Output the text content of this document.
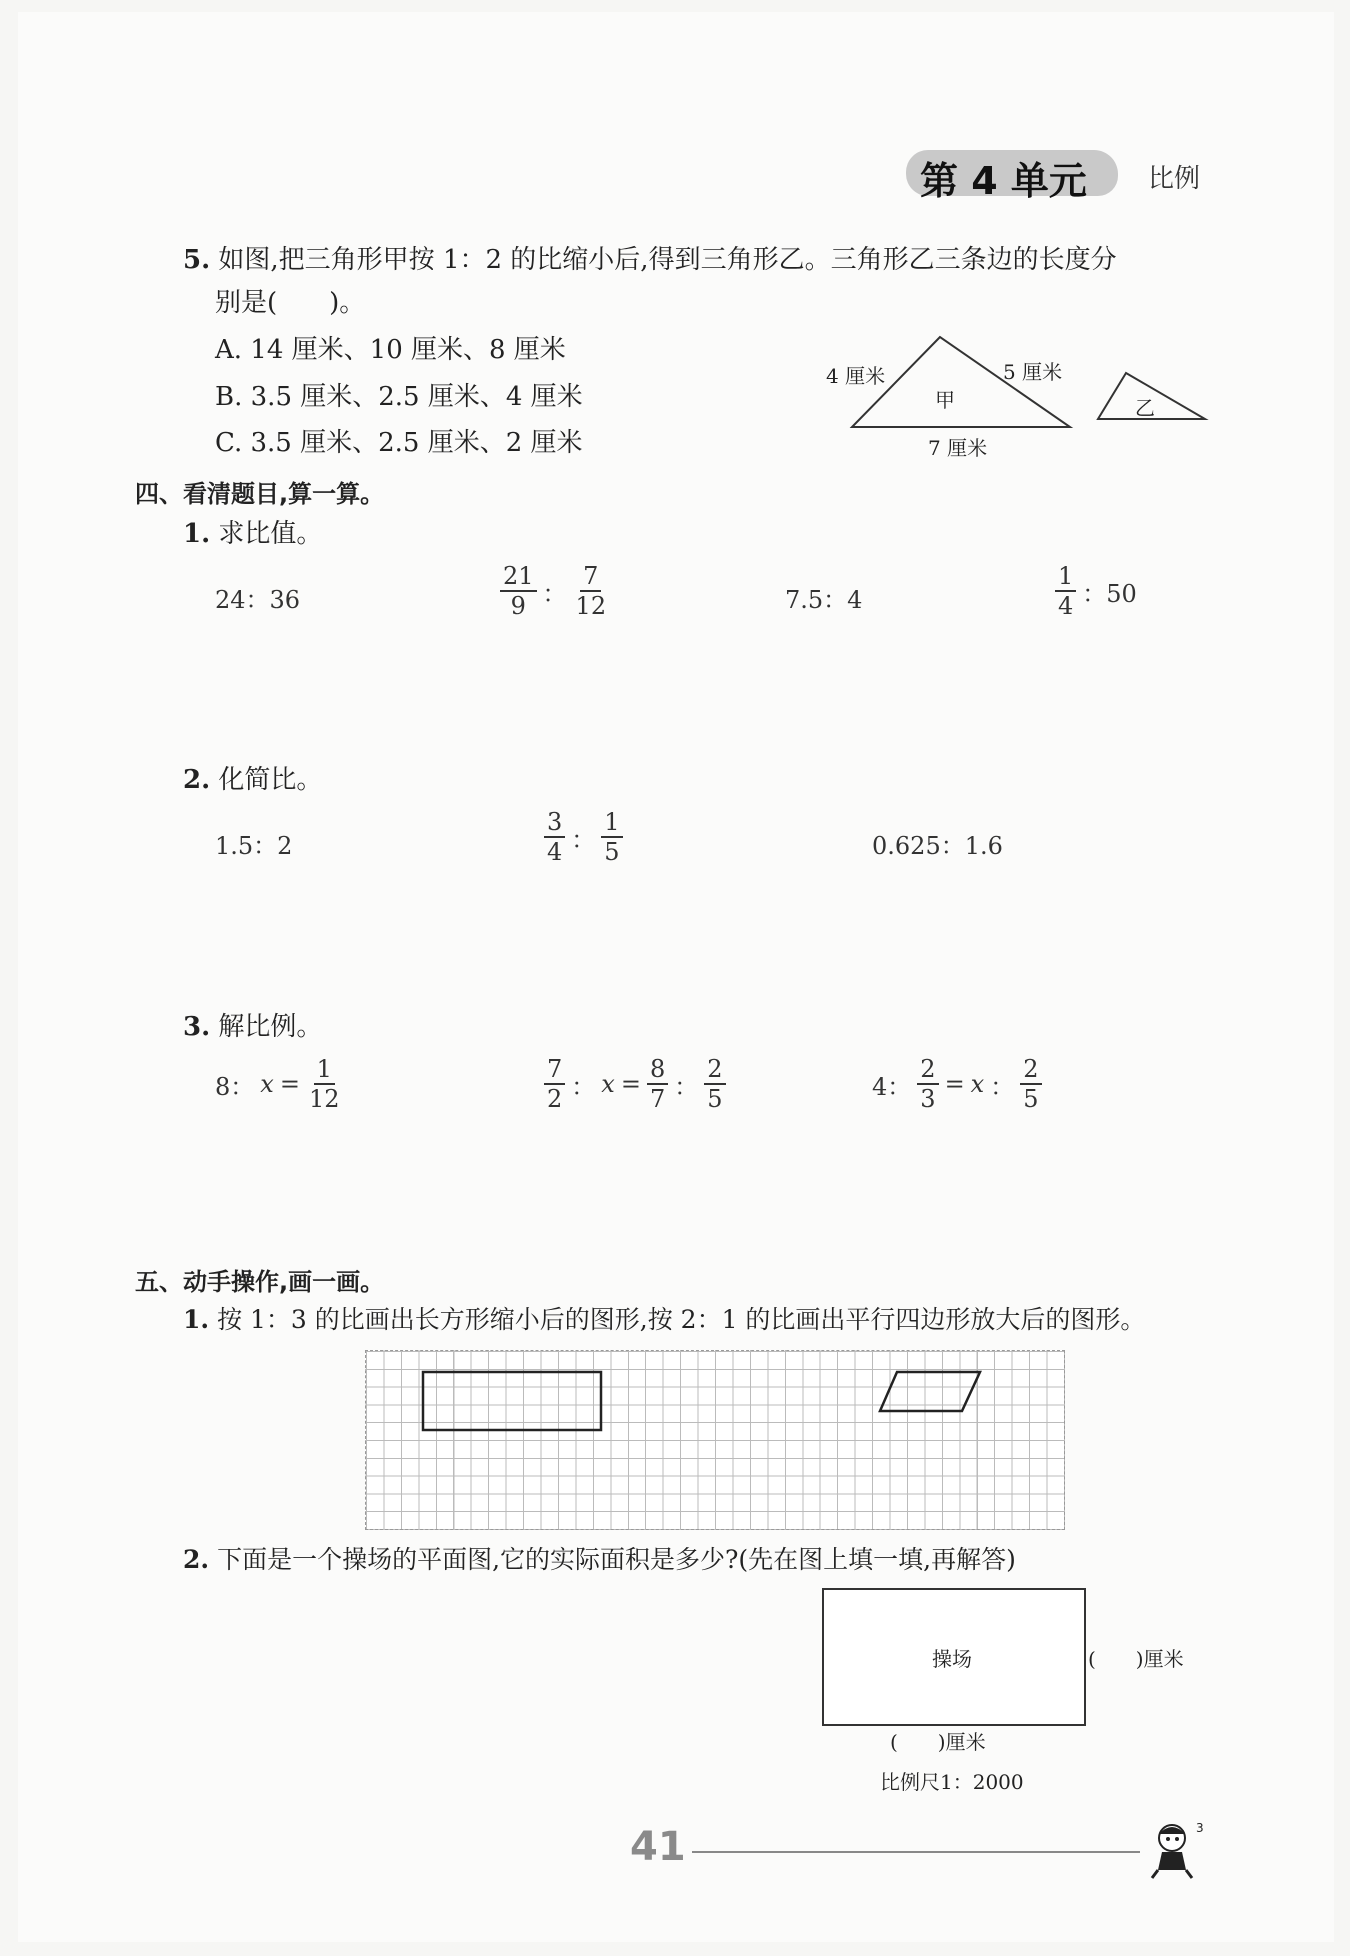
第 4 单元 比例
5. 如图,把三角形甲按 1：2 的比缩小后,得到三角形乙。三角形乙三条边的长度分
别是(　　)。
A. 14 厘米、10 厘米、8 厘米
B. 3.5 厘米、2.5 厘米、4 厘米
C. 3.5 厘米、2.5 厘米、2 厘米
4 厘米	5 厘米
7 厘米
甲	乙
四、看清题目,算一算。
1. 求比值。
24：36	$\frac{21}{9}$ ： $\frac{7}{12}$	7.5：4	$\frac{1}{4}$ ：50
2. 化简比。
1.5：2	$\frac{3}{4}$ ： $\frac{1}{5}$	0.625：1.6
3. 解比例。
8： $x = \frac{1}{12}$	$\frac{7}{2}$ ： $x = \frac{8}{7}$ ： $\frac{2}{5}$	4： $\frac{2}{3} = x$ ： $\frac{2}{5}$
五、动手操作,画一画。
1. 按 1：3 的比画出长方形缩小后的图形,按 2：1 的比画出平行四边形放大后的图形。
2. 下面是一个操场的平面图,它的实际面积是多少?(先在图上填一填,再解答)
操场	(　　)厘米
(　　)厘米
比例尺1：2000
41	3
